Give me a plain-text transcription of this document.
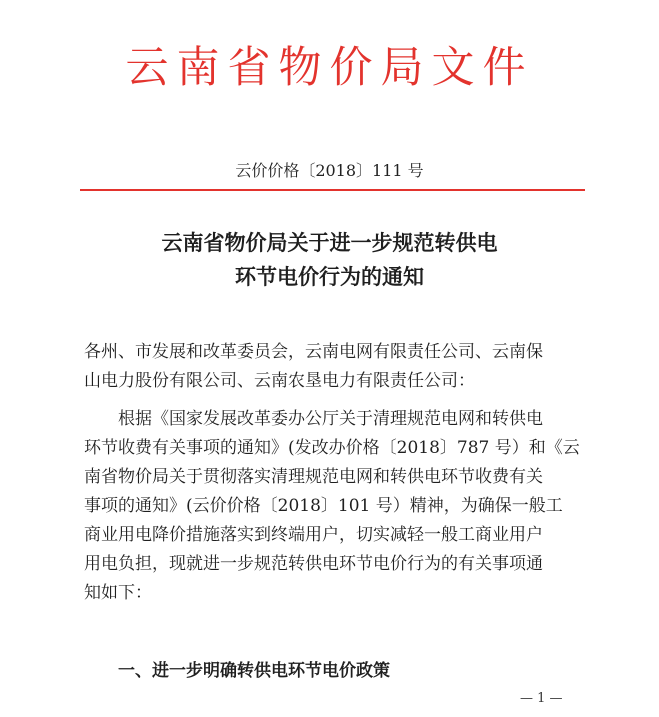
云南省物价局文件
云价价格〔2018〕111 号
云南省物价局关于进一步规范转供电
环节电价行为的通知
各州、市发展和改革委员会，云南电网有限责任公司、云南保
山电力股份有限公司、云南农垦电力有限责任公司：
根据《国家发展改革委办公厅关于清理规范电网和转供电
环节收费有关事项的通知》(发改办价格〔2018〕787 号）和《云
南省物价局关于贯彻落实清理规范电网和转供电环节收费有关
事项的通知》(云价价格〔2018〕101 号）精神，为确保一般工
商业用电降价措施落实到终端用户，切实减轻一般工商业用户
用电负担，现就进一步规范转供电环节电价行为的有关事项通
知如下：
一、进一步明确转供电环节电价政策
— 1 —
